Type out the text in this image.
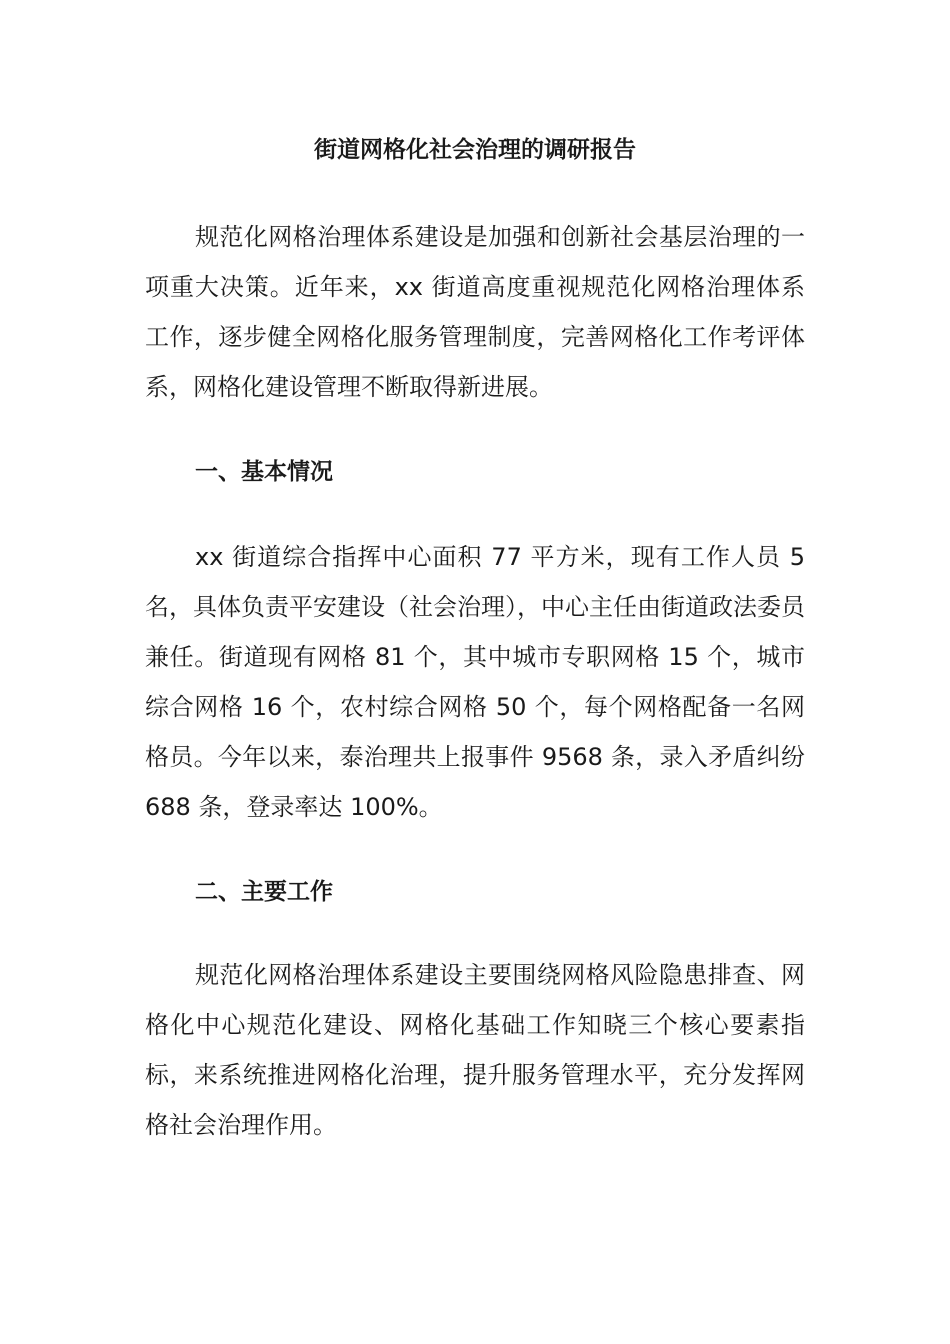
街道网格化社会治理的调研报告

规范化网格治理体系建设是加强和创新社会基层治理的一项重大决策。近年来，xx 街道高度重视规范化网格治理体系工作，逐步健全网格化服务管理制度，完善网格化工作考评体系，网格化建设管理不断取得新进展。

一、基本情况

xx 街道综合指挥中心面积 77 平方米，现有工作人员 5 名，具体负责平安建设（社会治理），中心主任由街道政法委员兼任。街道现有网格 81 个，其中城市专职网格 15 个，城市综合网格 16 个，农村综合网格 50 个，每个网格配备一名网格员。今年以来，泰治理共上报事件 9568 条，录入矛盾纠纷 688 条，登录率达 100%。

二、主要工作

规范化网格治理体系建设主要围绕网格风险隐患排查、网格化中心规范化建设、网格化基础工作知晓三个核心要素指标，来系统推进网格化治理，提升服务管理水平，充分发挥网格社会治理作用。
